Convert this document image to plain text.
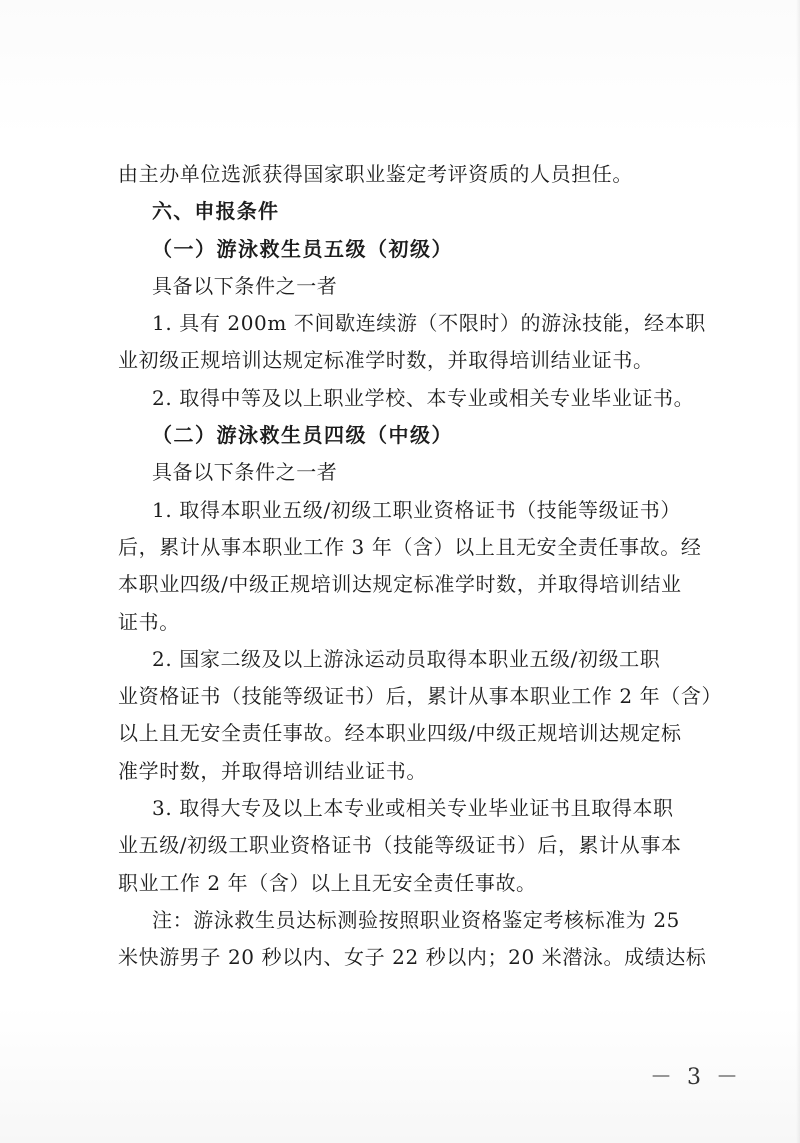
由主办单位选派获得国家职业鉴定考评资质的人员担任。
六、申报条件
（一）游泳救生员五级（初级）
具备以下条件之一者
1. 具有 200m 不间歇连续游（不限时）的游泳技能，经本职
业初级正规培训达规定标准学时数，并取得培训结业证书。
2. 取得中等及以上职业学校、本专业或相关专业毕业证书。
（二）游泳救生员四级（中级）
具备以下条件之一者
1. 取得本职业五级/初级工职业资格证书（技能等级证书）
后，累计从事本职业工作 3 年（含）以上且无安全责任事故。经
本职业四级/中级正规培训达规定标准学时数，并取得培训结业
证书。
2. 国家二级及以上游泳运动员取得本职业五级/初级工职
业资格证书（技能等级证书）后，累计从事本职业工作 2 年（含）
以上且无安全责任事故。经本职业四级/中级正规培训达规定标
准学时数，并取得培训结业证书。
3. 取得大专及以上本专业或相关专业毕业证书且取得本职
业五级/初级工职业资格证书（技能等级证书）后，累计从事本
职业工作 2 年（含）以上且无安全责任事故。
注：游泳救生员达标测验按照职业资格鉴定考核标准为 25
米快游男子 20 秒以内、女子 22 秒以内；20 米潜泳。成绩达标
－ 3 －
